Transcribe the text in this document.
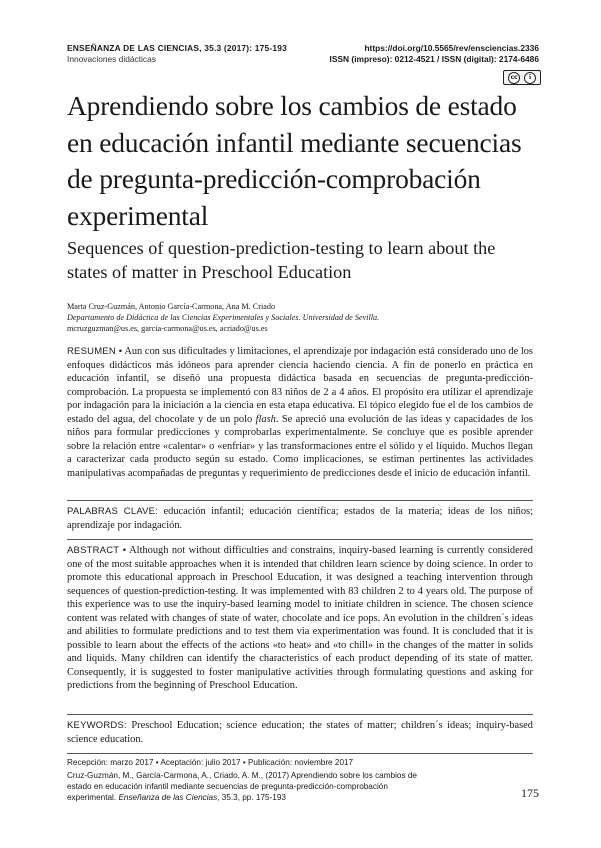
ENSEÑANZA DE LAS CIENCIAS, 35.3 (2017): 175-193
Innovaciones didácticas
https://doi.org/10.5565/rev/ensciencias.2336
ISSN (impreso): 0212-4521 / ISSN (digital): 2174-6486
cc	i
Aprendiendo sobre los cambios de estado en educación infantil mediante secuencias de pregunta-predicción-comprobación experimental
Sequences of question-prediction-testing to learn about the states of matter in Preschool Education
Marta Cruz-Guzmán, Antonio García-Carmona, Ana M. Criado
Departamento de Didáctica de las Ciencias Experimentales y Sociales. Universidad de Sevilla.
mcruzguzman@us.es, garcia-carmona@us.es, acriado@us.es

RESUMEN • Aun con sus dificultades y limitaciones, el aprendizaje por indagación está considerado uno de los enfoques didácticos más idóneos para aprender ciencia haciendo ciencia. A fin de ponerlo en práctica en educación infantil, se diseñó una propuesta didáctica basada en secuencias de pregunta-predicción-comprobación. La propuesta se implementó con 83 niños de 2 a 4 años. El propósito era utilizar el aprendizaje por indagación para la iniciación a la ciencia en esta etapa educativa. El tópico elegido fue el de los cambios de estado del agua, del chocolate y de un polo flash. Se apreció una evolución de las ideas y capacidades de los niños para formular predicciones y comprobarlas experimentalmente. Se concluye que es posible aprender sobre la relación entre «calentar» o «enfriar» y las transformaciones entre el sólido y el líquido. Muchos llegan a caracterizar cada producto según su estado. Como implicaciones, se estiman pertinentes las actividades manipulativas acompañadas de preguntas y requerimiento de predicciones desde el inicio de educación infantil.

PALABRAS CLAVE: educación infantil; educación científica; estados de la materia; ideas de los niños; aprendizaje por indagación.

ABSTRACT • Although not without difficulties and constrains, inquiry-based learning is currently considered one of the most suitable approaches when it is intended that children learn science by doing science. In order to promote this educational approach in Preschool Education, it was designed a teaching intervention through sequences of question-prediction-testing. It was implemented with 83 children 2 to 4 years old. The purpose of this experience was to use the inquiry-based learning model to initiate children in science. The chosen science content was related with changes of state of water, chocolate and ice pops. An evolution in the children´s ideas and abilities to formulate predictions and to test them via experimentation was found. It is concluded that it is possible to learn about the effects of the actions «to heat» and «to chill» in the changes of the matter in solids and liquids. Many children can identify the characteristics of each product depending of its state of matter. Consequently, it is suggested to foster manipulative activities through formulating questions and asking for predictions from the beginning of Preschool Education.

KEYWORDS: Preschool Education; science education; the states of matter; children´s ideas; inquiry-based science education.

Recepción: marzo 2017 • Aceptación: julio 2017 • Publicación: noviembre 2017
Cruz-Guzmán, M., García-Carmona, A., Criado, A. M., (2017) Aprendiendo sobre los cambios de estado en educación infantil mediante secuencias de pregunta-predicción-comprobación experimental. Enseñanza de las Ciencias, 35.3, pp. 175-193	175
